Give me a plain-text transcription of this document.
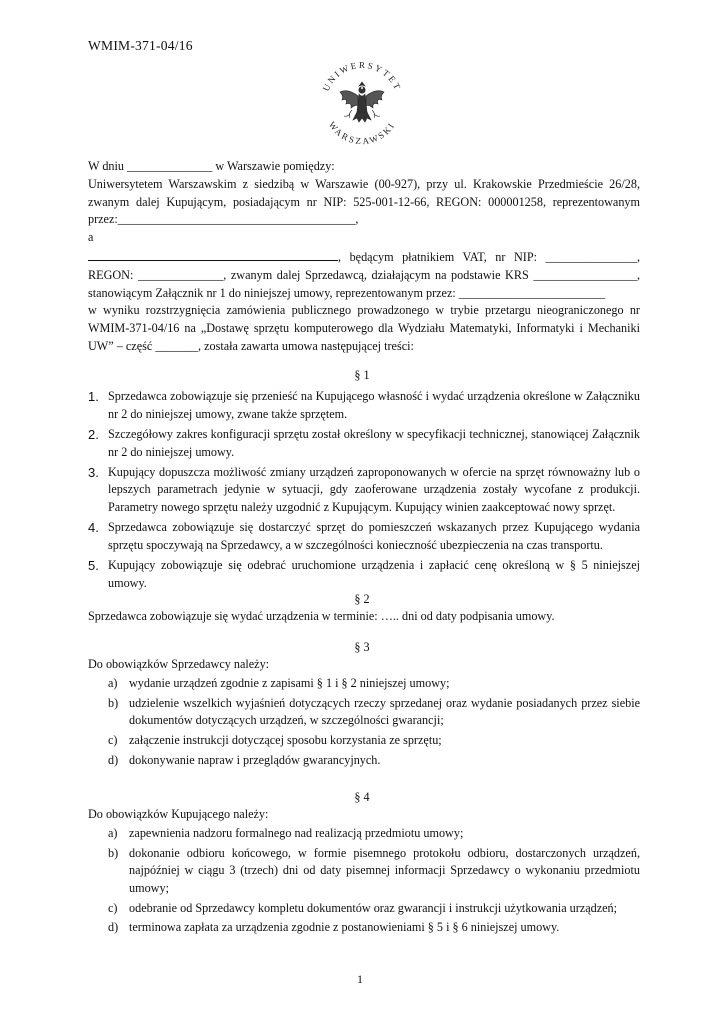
WMIM-371-04/16
UNIWERSYTET
WARSZAWSKI

W dniu ______________ w Warszawie pomiędzy:

Uniwersytetem Warszawskim z siedzibą w Warszawie (00-927), przy ul. Krakowskie Przedmieście 26/28, zwanym dalej Kupującym, posiadającym nr NIP: 525-001-12-66, REGON: 000001258, reprezentowanym przez:_______________________________________,

a

, będącym płatnikiem VAT, nr NIP: _______________, REGON: ______________, zwanym dalej Sprzedawcą, działającym na podstawie KRS _________________, stanowiącym Załącznik nr 1 do niniejszej umowy, reprezentowanym przez: ________________________

w wyniku rozstrzygnięcia zamówienia publicznego prowadzonego w trybie przetargu nieograniczonego nr WMIM-371-04/16 na „Dostawę sprzętu komputerowego dla Wydziału Matematyki, Informatyki i Mechaniki UW” – część _______, została zawarta umowa następującej treści:

§ 1
1. Sprzedawca zobowiązuje się przenieść na Kupującego własność i wydać urządzenia określone w Załączniku nr 2 do niniejszej umowy, zwane także sprzętem.
2. Szczegółowy zakres konfiguracji sprzętu został określony w specyfikacji technicznej, stanowiącej Załącznik nr 2 do niniejszej umowy.
3. Kupujący dopuszcza możliwość zmiany urządzeń zaproponowanych w ofercie na sprzęt równoważny lub o lepszych parametrach jedynie w sytuacji, gdy zaoferowane urządzenia zostały wycofane z produkcji. Parametry nowego sprzętu należy uzgodnić z Kupującym. Kupujący winien zaakceptować nowy sprzęt.
4. Sprzedawca zobowiązuje się dostarczyć sprzęt do pomieszczeń wskazanych przez Kupującego wydania sprzętu spoczywają na Sprzedawcy, a w szczególności konieczność ubezpieczenia na czas transportu.
5. Kupujący zobowiązuje się odebrać uruchomione urządzenia i zapłacić cenę określoną w § 5 niniejszej umowy.
§ 2
Sprzedawca zobowiązuje się wydać urządzenia w terminie: ….. dni od daty podpisania umowy.
§ 3
Do obowiązków Sprzedawcy należy:
a) wydanie urządzeń zgodnie z zapisami § 1 i § 2 niniejszej umowy;
b) udzielenie wszelkich wyjaśnień dotyczących rzeczy sprzedanej oraz wydanie posiadanych przez siebie dokumentów dotyczących urządzeń, w szczególności gwarancji;
c) załączenie instrukcji dotyczącej sposobu korzystania ze sprzętu;
d) dokonywanie napraw i przeglądów gwarancyjnych.
§ 4
Do obowiązków Kupującego należy:
a) zapewnienia nadzoru formalnego nad realizacją przedmiotu umowy;
b) dokonanie odbioru końcowego, w formie pisemnego protokołu odbioru, dostarczonych urządzeń, najpóźniej w ciągu 3 (trzech) dni od daty pisemnej informacji Sprzedawcy o wykonaniu przedmiotu umowy;
c) odebranie od Sprzedawcy kompletu dokumentów oraz gwarancji i instrukcji użytkowania urządzeń;
d) terminowa zapłata za urządzenia zgodnie z postanowieniami § 5 i § 6 niniejszej umowy.
1
